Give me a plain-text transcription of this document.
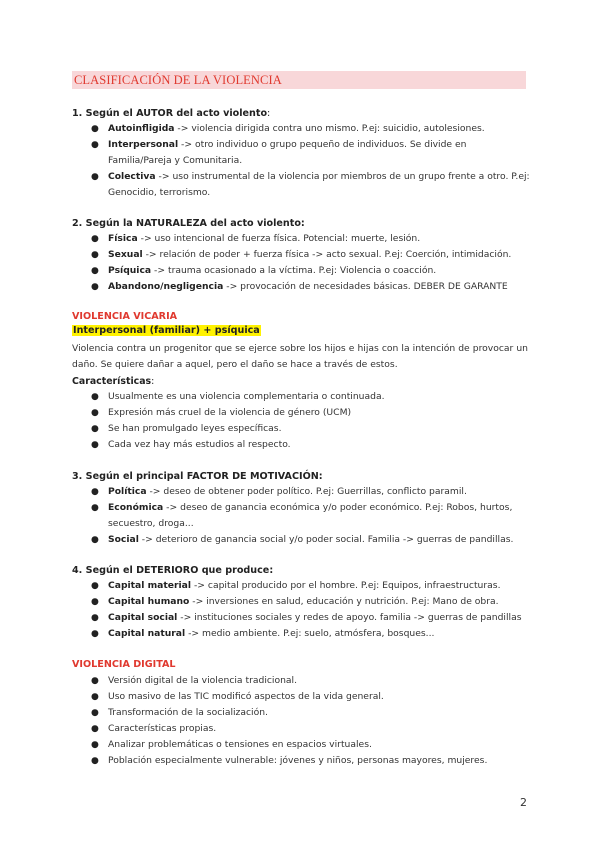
CLASIFICACIÓN DE LA VIOLENCIA
1. Según el AUTOR del acto violento:
● Autoinfligida -> violencia dirigida contra uno mismo. P.ej: suicidio, autolesiones.
● Interpersonal -> otro individuo o grupo pequeño de individuos. Se divide en Familia/Pareja y Comunitaria.
● Colectiva -> uso instrumental de la violencia por miembros de un grupo frente a otro. P.ej: Genocidio, terrorismo.
2. Según la NATURALEZA del acto violento:
● Física -> uso intencional de fuerza física. Potencial: muerte, lesión.
● Sexual -> relación de poder + fuerza física -> acto sexual. P.ej: Coerción, intimidación.
● Psíquica -> trauma ocasionado a la víctima. P.ej: Violencia o coacción.
● Abandono/negligencia -> provocación de necesidades básicas. DEBER DE GARANTE
VIOLENCIA VICARIA
Interpersonal (familiar) + psíquica

Violencia contra un progenitor que se ejerce sobre los hijos e hijas con la intención de provocar un daño. Se quiere dañar a aquel, pero el daño se hace a través de estos.

Características:
● Usualmente es una violencia complementaria o continuada.
● Expresión más cruel de la violencia de género (UCM)
● Se han promulgado leyes específicas.
● Cada vez hay más estudios al respecto.
3. Según el principal FACTOR DE MOTIVACIÓN:
● Política -> deseo de obtener poder político. P.ej: Guerrillas, conflicto paramil.
● Económica -> deseo de ganancia económica y/o poder económico. P.ej: Robos, hurtos, secuestro, droga...
● Social -> deterioro de ganancia social y/o poder social. Familia -> guerras de pandillas.
4. Según el DETERIORO que produce:
● Capital material -> capital producido por el hombre. P.ej: Equipos, infraestructuras.
● Capital humano -> inversiones en salud, educación y nutrición. P.ej: Mano de obra.
● Capital social -> instituciones sociales y redes de apoyo. familia -> guerras de pandillas
● Capital natural -> medio ambiente. P.ej: suelo, atmósfera, bosques...
VIOLENCIA DIGITAL
● Versión digital de la violencia tradicional.
● Uso masivo de las TIC modificó aspectos de la vida general.
● Transformación de la socialización.
● Características propias.
● Analizar problemáticas o tensiones en espacios virtuales.
● Población especialmente vulnerable: jóvenes y niños, personas mayores, mujeres.
2
